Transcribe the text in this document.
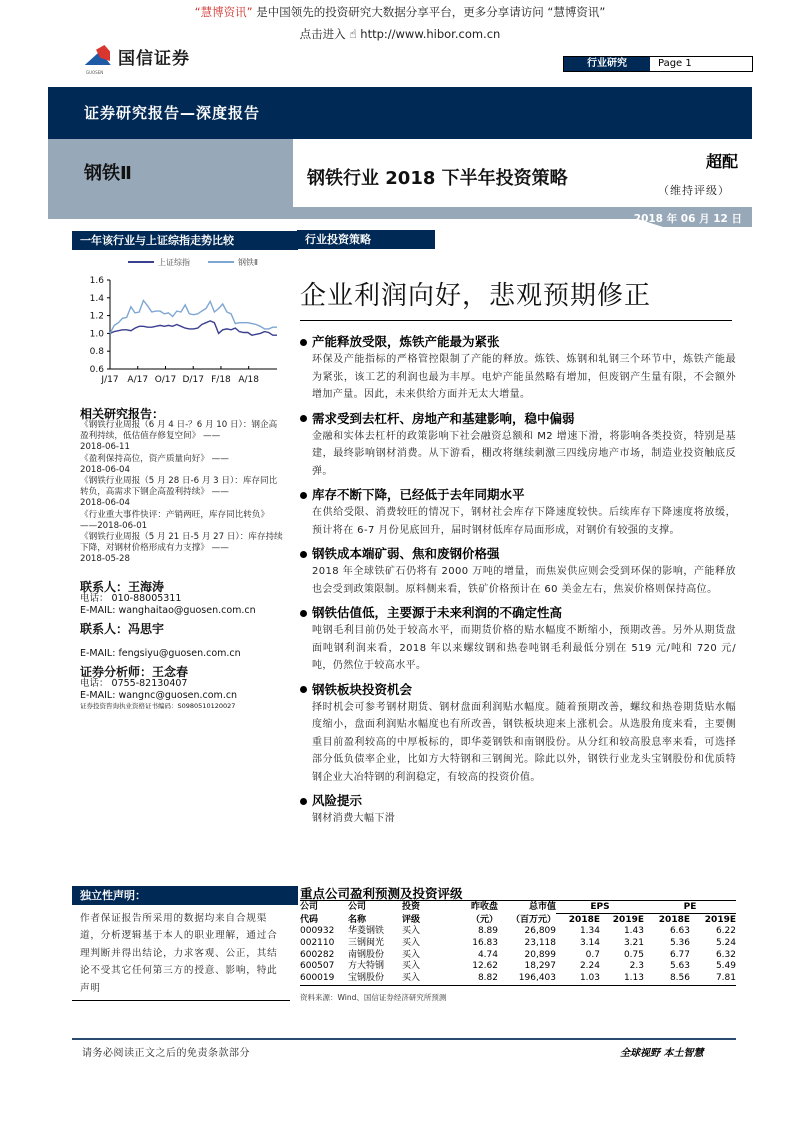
“慧博资讯” 是中国领先的投资研究大数据分享平台，更多分享请访问 “慧博资讯”
点击进入 ☝ http://www.hibor.com.cn
国信证券
GUOSEN
行业研究	Page 1
证券研究报告—深度报告
钢铁Ⅱ	钢铁行业 2018 下半年投资策略
超配
（维持评级）
2018 年 06 月 12 日
一年该行业与上证综指走势比较	行业投资策略
上证综指	钢铁Ⅱ
1.6
1.4
1.2
1.0
0.8
0.6
J/17 A/17 O/17 D/17 F/18 A/18
相关研究报告：
《钢铁行业周报（6 月 4 日-？6 月 10 日）：钢企高盈利持续，低估值存修复空间》 ——
2018-06-11
《盈利保持高位，资产质量向好》 ——
2018-06-04
《钢铁行业周报（5 月 28 日-6 月 3 日）：库存同比转负，高需求下钢企高盈利持续》 ——
2018-06-04
《行业重大事件快评：产销两旺，库存同比转负》 ——2018-06-01
《钢铁行业周报（5 月 21 日-5 月 27 日）：库存持续下降，对钢材价格形成有力支撑》 ——
2018-05-28
联系人：王海涛
电话： 010-88005311
E-MAIL: wanghaitao@guosen.com.cn
联系人：冯思宇
E-MAIL: fengsiyu@guosen.com.cn
证券分析师：王念春
电话： 0755-82130407
E-MAIL: wangnc@guosen.com.cn
证券投资咨询执业资格证书编码：S0980510120027
企业利润向好，悲观预期修正
产能释放受限，炼铁产能最为紧张
环保及产能指标的严格管控限制了产能的释放。炼铁、炼钢和轧钢三个环节中，炼铁产能最为紧张，该工艺的利润也最为丰厚。电炉产能虽然略有增加，但废钢产生量有限，不会额外增加产量。因此，未来供给方面并无太大增量。
需求受到去杠杆、房地产和基建影响，稳中偏弱
金融和实体去杠杆的政策影响下社会融资总额和 M2 增速下滑，将影响各类投资，特别是基建，最终影响钢材消费。从下游看，棚改将继续刺激三四线房地产市场，制造业投资触底反弹。
库存不断下降，已经低于去年同期水平
在供给受限、消费较旺的情况下，钢材社会库存下降速度较快。后续库存下降速度将放缓，预计将在 6-7 月份见底回升，届时钢材低库存局面形成，对钢价有较强的支撑。
钢铁成本端矿弱、焦和废钢价格强
2018 年全球铁矿石仍将有 2000 万吨的增量，而焦炭供应则会受到环保的影响，产能释放也会受到政策限制。原料侧来看，铁矿价格预计在 60 美金左右，焦炭价格则保持高位。
钢铁估值低，主要源于未来利润的不确定性高
吨钢毛利目前仍处于较高水平，而期货价格的贴水幅度不断缩小，预期改善。另外从期货盘面吨钢利润来看，2018 年以来螺纹钢和热卷吨钢毛利最低分别在 519 元/吨和 720 元/吨，仍然位于较高水平。
钢铁板块投资机会
择时机会可参考钢材期货、钢材盘面利润贴水幅度。随着预期改善，螺纹和热卷期货贴水幅度缩小，盘面利润贴水幅度也有所改善，钢铁板块迎来上涨机会。从选股角度来看，主要侧重目前盈利较高的中厚板标的，即华菱钢铁和南钢股份。从分红和较高股息率来看，可选择部分低负债率企业，比如方大特钢和三钢闽光。除此以外，钢铁行业龙头宝钢股份和优质特钢企业大冶特钢的利润稳定，有较高的投资价值。
风险提示
钢材消费大幅下滑
独立性声明：
作者保证报告所采用的数据均来自合规渠道，分析逻辑基于本人的职业理解，通过合理判断并得出结论，力求客观、公正，其结论不受其它任何第三方的授意、影响，特此声明
重点公司盈利预测及投资评级
公司	公司	投资	昨收盘	总市值	EPS		PE	
代码	名称	评级	（元）	（百万元）	2018E	2019E	2018E	2019E
000932	华菱钢铁	买入	8.89	26,809	1.34	1.43	6.63	6.22
002110	三钢闽光	买入	16.83	23,118	3.14	3.21	5.36	5.24
600282	南钢股份	买入	4.74	20,899	0.7	0.75	6.77	6.32
600507	方大特钢	买入	12.62	18,297	2.24	2.3	5.63	5.49
600019	宝钢股份	买入	8.82	196,403	1.03	1.13	8.56	7.81
资料来源：Wind、国信证券经济研究所预测
请务必阅读正文之后的免责条款部分	全球视野 本土智慧
